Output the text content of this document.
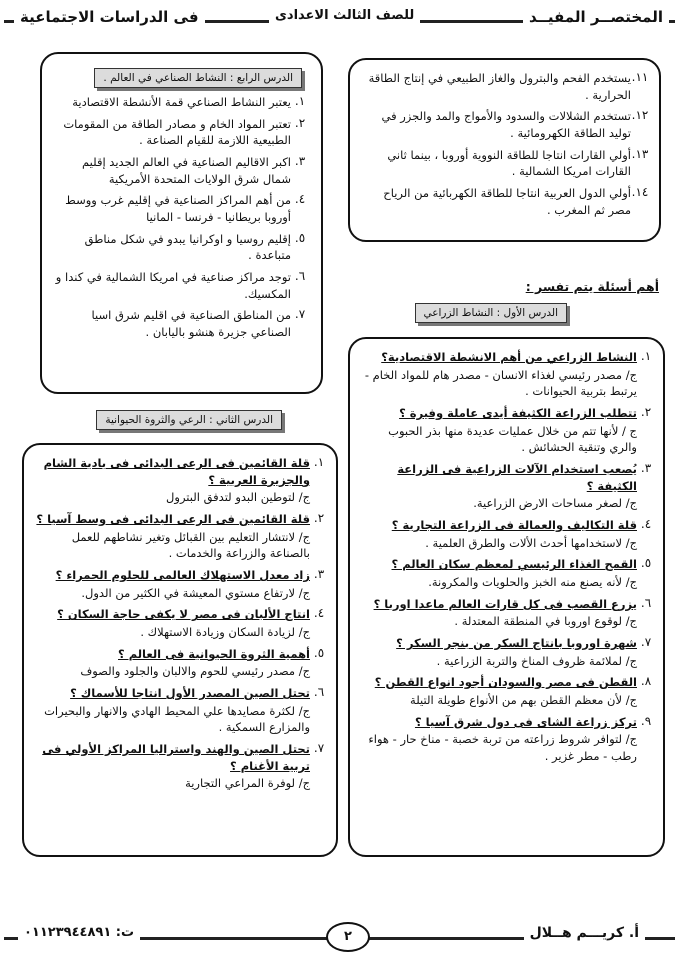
المختصــر المفيــد
للصف الثالث الاعدادى
فى الدراسات الاجتماعية
١١.
يستخدم الفحم والبترول والغاز الطبيعي في إنتاج الطاقة الحرارية .
١٢.
تستخدم الشلالات والسدود والأمواج والمد والجزر في توليد الطاقة الكهرومائية .
١٣.
أولي القارات انتاجا للطاقة النووية أوروبا ، بينما ثاني القارات امريكا الشمالية .
١٤.
أولي الدول العربية انتاجا للطاقة الكهربائية من الرياح مصر ثم المغرب .
١.
يعتبر النشاط الصناعي قمة الأنشطة الاقتصادية
٢.
تعتبر المواد الخام و مصادر الطاقة من المقومات الطبيعية اللازمة للقيام الصناعة .
٣.
اكبر الاقاليم الصناعية في العالم الجديد إقليم شمال شرق الولايات المتحدة الأمريكية
٤.
من أهم المراكز الصناعية في إقليم غرب ووسط أوروبا بريطانيا - فرنسا - المانيا
٥.
إقليم روسيا و اوكرانيا يبدو في شكل مناطق متباعدة .
٦.
توجد مراكز صناعية في امريكا الشمالية في كندا و المكسيك.
٧.
من المناطق الصناعية في اقليم شرق اسيا الصناعي جزيرة هنشو باليابان .
الدرس الرابع : النشاط الصناعي في العالم .
أهم أسئلة يتم تفسر :
الدرس الأول : النشاط الزراعي
١.
النشاط الزراعي من أهم الانشطة الاقتصادية؟
ج/ مصدر رئيسي لغذاء الانسان - مصدر هام للمواد الخام - يرتبط بتربية الحيوانات .
٢.
تتطلب الزراعة الكثيفة أيدى عاملة وفيرة ؟
ج / لأنها تتم من خلال عمليات عديدة منها بذر الحبوب والري وتنقية الحشائش .
٣.
يُصعب استخدام الآلات الزراعية فى الزراعة الكثيفة ؟
ج/ لصغر مساحات الارض الزراعية.
٤.
قلة التكاليف والعمالة فى الزراعة التجارية ؟
ج/ لاستخدامها أحدث الألات والطرق العلمية .
٥.
القمح الغذاء الرئيسي لمعظم سكان العالم ؟
ج/ لأنه يصنع منه الخبز والحلويات والمكرونة.
٦.
يزرع القصب فى كل قارات العالم ماعدا اوربا ؟
ج/ لوقوع اوروبا في المنطقة المعتدلة .
٧.
شهرة اوروبا بانتاج السكر من بنجر السكر ؟
ج/ لملائمة ظروف المناخ والتربة الزراعية .
٨.
القطن فى مصر والسودان أجود انواع القطن ؟
ج/ لأن معظم القطن بهم من الأنواع طويلة التيلة
٩.
تركز زراعة الشاى فى دول شرق آسيا ؟
ج/ لتوافر شروط زراعته من تربة خصبة - مناخ حار - هواء رطب - مطر غزير .
الدرس الثاني : الرعي والثروة الحيوانية
١.
قلة القائمين فى الرعى البدائى فى بادية الشام والجزيرة العربية ؟
ج/ لتوطين البدو لتدفق البترول
٢.
قلة القائمين فى الرعى البدائى فى وسط آسيا ؟
ج/ لانتشار التعليم بين القبائل وتغير نشاطهم للعمل بالصناعة والزراعة والخدمات .
٣.
زاد معدل الاستهلاك العالمى للحلوم الحمراء ؟
ج/ لارتفاع مستوي المعيشة في الكثير من الدول.
٤.
انتاج الألبان فى مصر لا يكفى حاجة السكان ؟
ج/ لزيادة السكان وزيادة الاستهلاك .
٥.
أهمية الثروة الحيوانية فى العالم ؟
ج/ مصدر رئيسي للحوم والالبان والجلود والصوف
٦.
تحتل الصين المصدر الأول انتاجا للأسماك ؟
ج/ لكثرة مصايدها علي المحيط الهادي والانهار والبحيرات والمزارع السمكية .
٧.
تحتل الصين والهند واستراليا المراكز الأولي فى تربية الأغنام ؟
ج/ لوفرة المراعي التجارية
أ. كريـــم هــلال
٢
ت: ٠١١٢٣٩٤٤٨٩١
